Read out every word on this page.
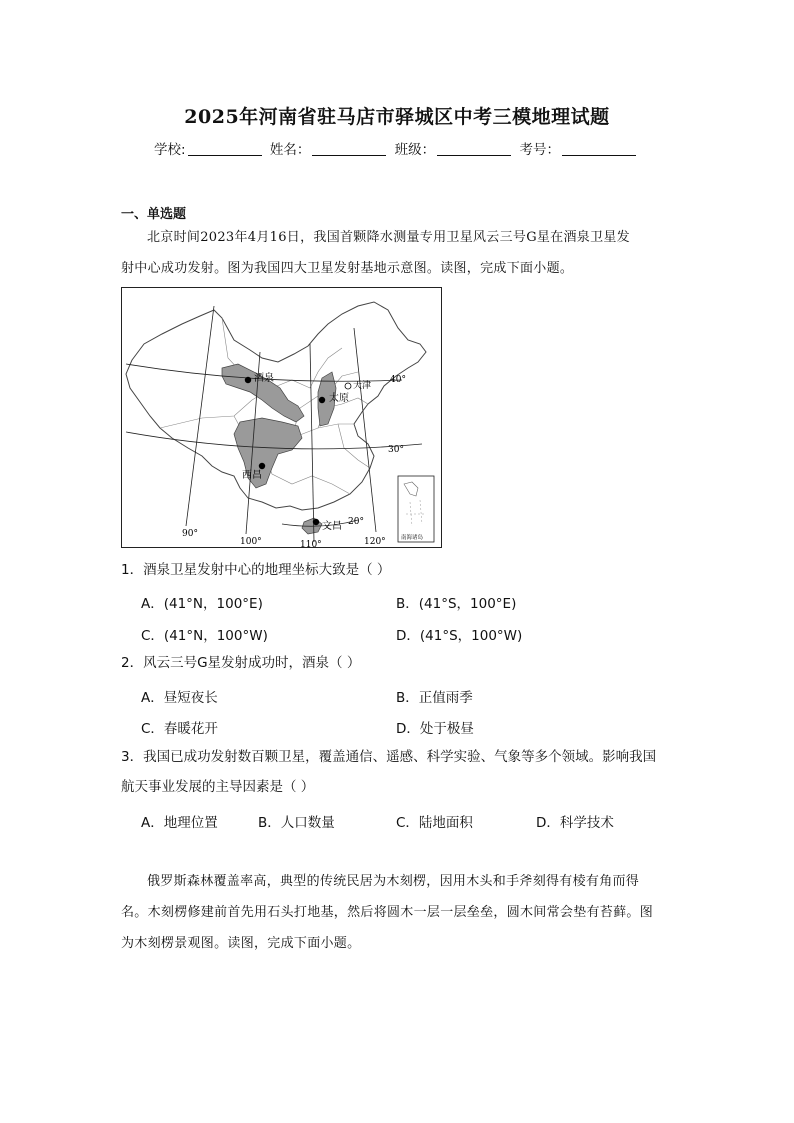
2025年河南省驻马店市驿城区中考三模地理试题
学校:	姓名：	班级：	考号：
一、单选题
北京时间2023年4月16日，我国首颗降水测量专用卫星风云三号G星在酒泉卫星发
射中心成功发射。图为我国四大卫星发射基地示意图。读图，完成下面小题。
酒泉
太原
西昌
文昌
天津
40°
30°
20°
90°
100°	110°	120°	南海诸岛
1．酒泉卫星发射中心的地理坐标大致是（ ）
A．(41°N，100°E)	B．(41°S，100°E)
C．(41°N，100°W)	D．(41°S，100°W)
2．风云三号G星发射成功时，酒泉（ ）
A．昼短夜长	B．正值雨季
C．春暖花开	D．处于极昼
3．我国已成功发射数百颗卫星，覆盖通信、遥感、科学实验、气象等多个领域。影响我国
航天事业发展的主导因素是（ ）
A．地理位置	B．人口数量	C．陆地面积	D．科学技术
俄罗斯森林覆盖率高，典型的传统民居为木刻楞，因用木头和手斧刻得有棱有角而得
名。木刻楞修建前首先用石头打地基，然后将圆木一层一层垒垒，圆木间常会垫有苔藓。图
为木刻楞景观图。读图，完成下面小题。
